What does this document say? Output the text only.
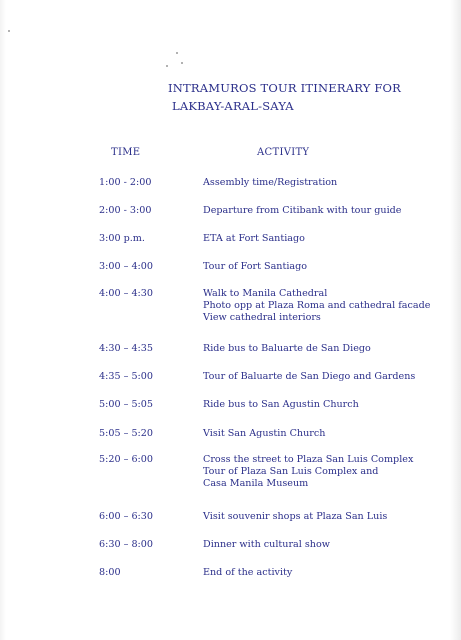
INTRAMUROS TOUR ITINERARY FOR
LAKBAY-ARAL-SAYA
TIME	ACTIVITY
1:00 - 2:00	Assembly time/Registration
2:00 - 3:00	Departure from Citibank with tour guide
3:00 p.m.	ETA at Fort Santiago
3:00 – 4:00	Tour of Fort Santiago
4:00 – 4:30	Walk to Manila Cathedral
Photo opp at Plaza Roma and cathedral facade
View cathedral interiors
4:30 – 4:35	Ride bus to Baluarte de San Diego
4:35 – 5:00	Tour of Baluarte de San Diego and Gardens
5:00 – 5:05	Ride bus to San Agustin Church
5:05 – 5:20	Visit San Agustin Church
5:20 – 6:00	Cross the street to Plaza San Luis Complex
Tour of Plaza San Luis Complex and
Casa Manila Museum
6:00 – 6:30	Visit souvenir shops at Plaza San Luis
6:30 – 8:00	Dinner with cultural show
8:00	End of the activity
